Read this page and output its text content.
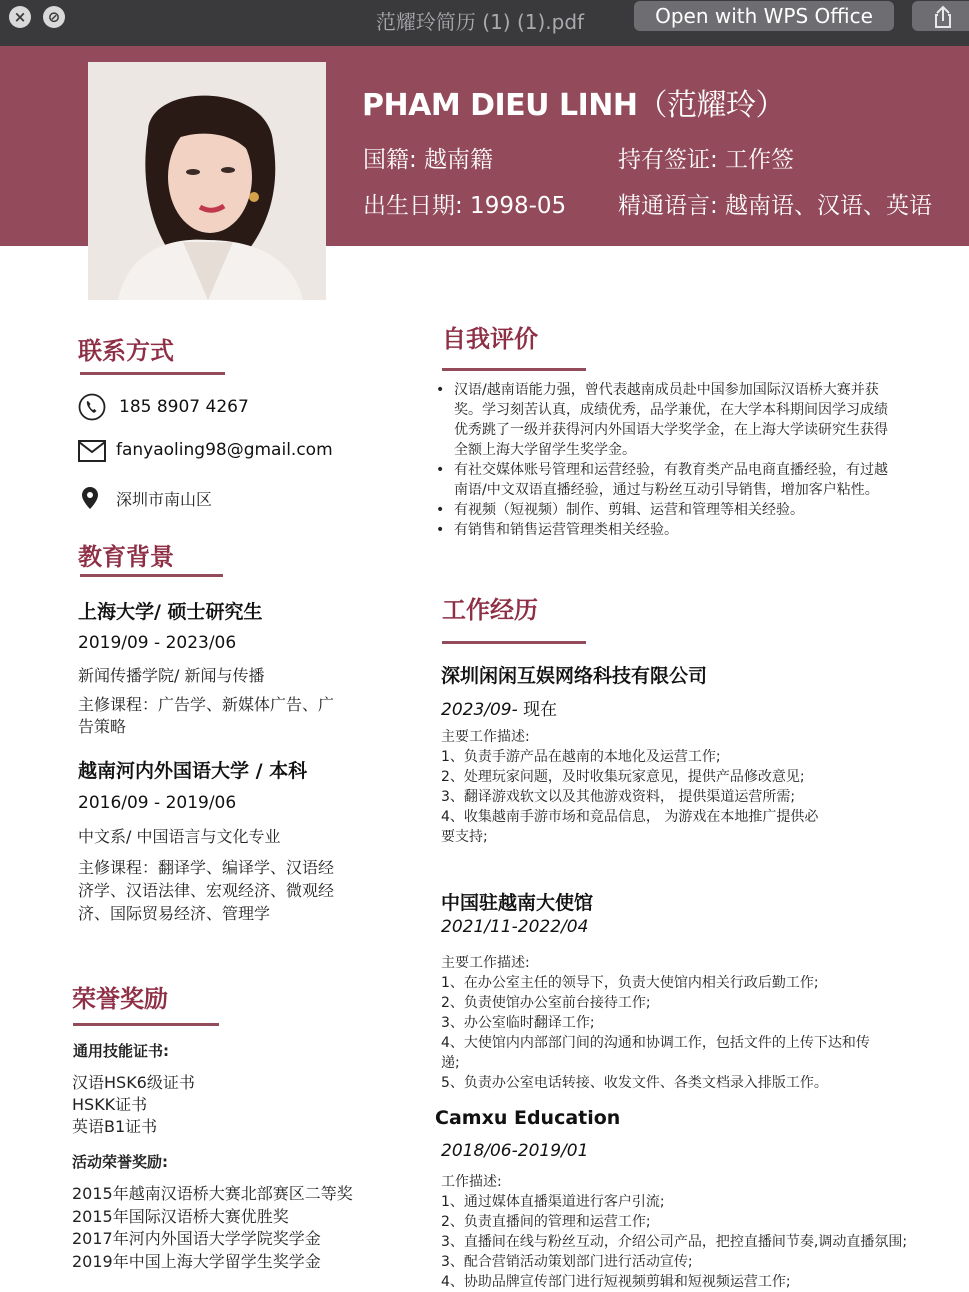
×	⊘	范耀玲简历 (1) (1).pdf	Open with WPS Office
PHAM DIEU LINH（范耀玲）
国籍: 越南籍	持有签证: 工作签
出生日期: 1998-05 精通语言: 越南语、汉语、英语
联系方式
185 8907 4267
fanyaoling98@gmail.com
深圳市南山区
教育背景
上海大学/ 硕士研究生
2019/09 - 2023/06
新闻传播学院/ 新闻与传播
主修课程：广告学、新媒体广告、广
告策略
越南河内外国语大学 / 本科
2016/09 - 2019/06
中文系/ 中国语言与文化专业
主修课程：翻译学、编译学、汉语经
济学、汉语法律、宏观经济、微观经
济、国际贸易经济、管理学
荣誉奖励
通用技能证书:
汉语HSK6级证书
HSKK证书
英语B1证书
活动荣誉奖励:
2015年越南汉语桥大赛北部赛区二等奖
2015年国际汉语桥大赛优胜奖
2017年河内外国语大学学院奖学金
2019年中国上海大学留学生奖学金
自我评价
• 汉语/越南语能力强，曾代表越南成员赴中国参加国际汉语桥大赛并获
奖。学习刻苦认真，成绩优秀，品学兼优，在大学本科期间因学习成绩
优秀跳了一级并获得河内外国语大学奖学金，在上海大学读研究生获得
全额上海大学留学生奖学金。
• 有社交媒体账号管理和运营经验，有教育类产品电商直播经验，有过越
南语/中文双语直播经验，通过与粉丝互动引导销售，增加客户粘性。
• 有视频（短视频）制作、剪辑、运营和管理等相关经验。
• 有销售和销售运营管理类相关经验。
工作经历
深圳闲闲互娱网络科技有限公司
2023/09- 现在
主要工作描述:
1、负责手游产品在越南的本地化及运营工作;
2、处理玩家问题，及时收集玩家意见，提供产品修改意见;
3、翻译游戏软文以及其他游戏资料， 提供渠道运营所需;
4、收集越南手游市场和竞品信息， 为游戏在本地推广提供必
要支持;
中国驻越南大使馆
2021/11-2022/04
主要工作描述:
1、在办公室主任的领导下，负责大使馆内相关行政后勤工作;
2、负责使馆办公室前台接待工作;
3、办公室临时翻译工作;
4、大使馆内内部部门间的沟通和协调工作，包括文件的上传下达和传
递;
5、负责办公室电话转接、收发文件、各类文档录入排版工作。
Camxu Education
2018/06-2019/01
工作描述:
1、通过媒体直播渠道进行客户引流;
2、负责直播间的管理和运营工作;
3、直播间在线与粉丝互动，介绍公司产品，把控直播间节奏,调动直播氛围;
3、配合营销活动策划部门进行活动宣传;
4、协助品牌宣传部门进行短视频剪辑和短视频运营工作;
